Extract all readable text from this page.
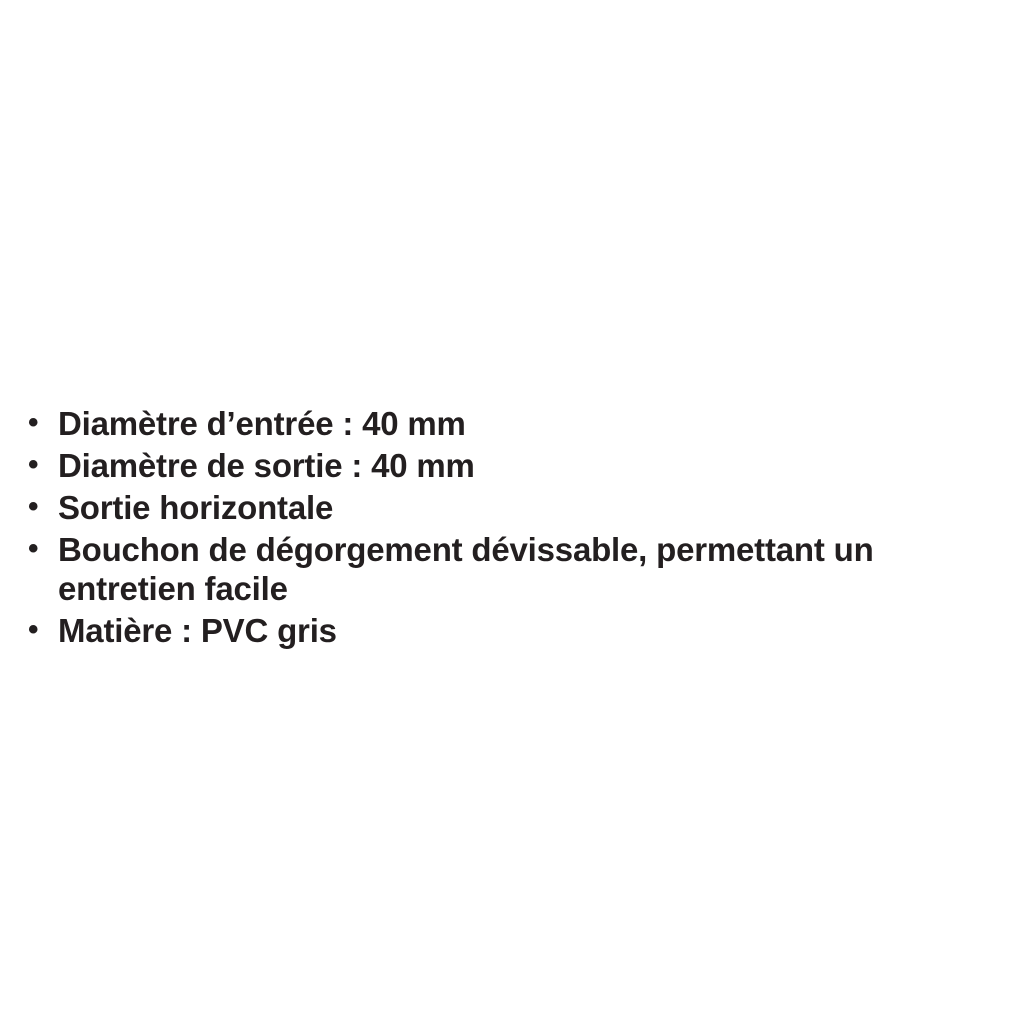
• Diamètre d’entrée : 40 mm
• Diamètre de sortie : 40 mm
• Sortie horizontale
• Bouchon de dégorgement dévissable, permettant un entretien facile
• Matière : PVC gris
